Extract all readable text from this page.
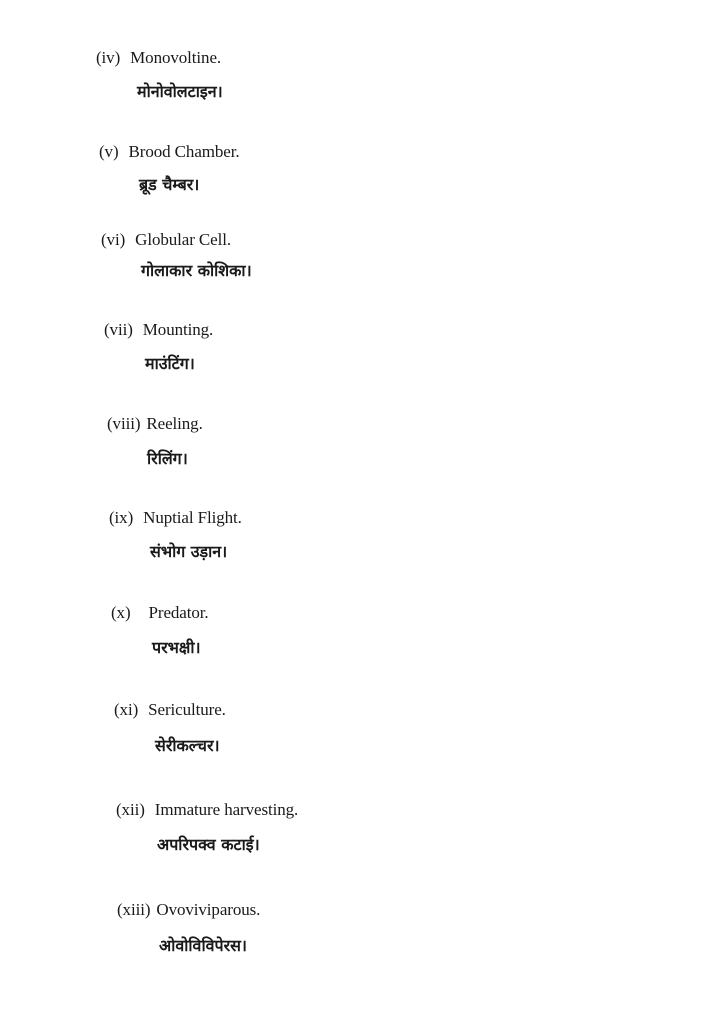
(iv) Monovoltine.
मोनोवोलटाइन।
(v) Brood Chamber.
ब्रूड चैम्बर।
(vi) Globular Cell.
गोलाकार कोशिका।
(vii) Mounting.
माउंटिंग।
(viii) Reeling.
रिलिंग।
(ix) Nuptial Flight.
संभोग उड़ान।
(x) Predator.
परभक्षी।
(xi) Sericulture.
सेरीकल्चर।
(xii) Immature harvesting.
अपरिपक्व कटाई।
(xiii) Ovoviviparous.
ओवोविविपेरस।
